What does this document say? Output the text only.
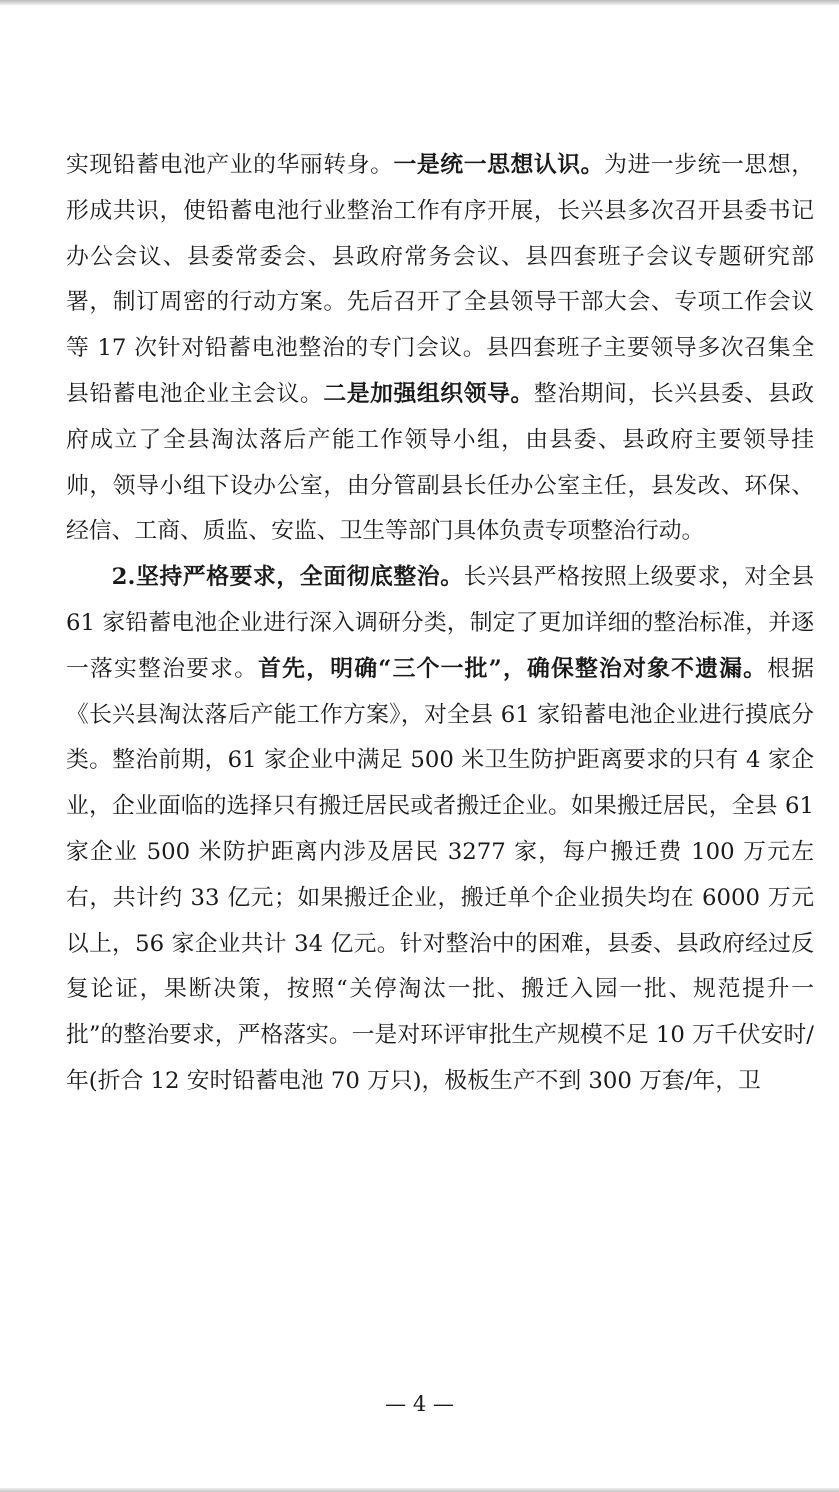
实现铅蓄电池产业的华丽转身。一是统一思想认识。为进一步统一思想，形成共识，使铅蓄电池行业整治工作有序开展，长兴县多次召开县委书记办公会议、县委常委会、县政府常务会议、县四套班子会议专题研究部署，制订周密的行动方案。先后召开了全县领导干部大会、专项工作会议等 17 次针对铅蓄电池整治的专门会议。县四套班子主要领导多次召集全县铅蓄电池企业主会议。二是加强组织领导。整治期间，长兴县委、县政府成立了全县淘汰落后产能工作领导小组，由县委、县政府主要领导挂帅，领导小组下设办公室，由分管副县长任办公室主任，县发改、环保、经信、工商、质监、安监、卫生等部门具体负责专项整治行动。

2.坚持严格要求，全面彻底整治。长兴县严格按照上级要求，对全县 61 家铅蓄电池企业进行深入调研分类，制定了更加详细的整治标准，并逐一落实整治要求。首先，明确“三个一批”，确保整治对象不遗漏。根据《长兴县淘汰落后产能工作方案》，对全县 61 家铅蓄电池企业进行摸底分类。整治前期，61 家企业中满足 500 米卫生防护距离要求的只有 4 家企业，企业面临的选择只有搬迁居民或者搬迁企业。如果搬迁居民，全县 61 家企业 500 米防护距离内涉及居民 3277 家，每户搬迁费 100 万元左右，共计约 33 亿元；如果搬迁企业，搬迁单个企业损失均在 6000 万元以上，56 家企业共计 34 亿元。针对整治中的困难，县委、县政府经过反复论证，果断决策，按照“关停淘汰一批、搬迁入园一批、规范提升一批”的整治要求，严格落实。一是对环评审批生产规模不足 10 万千伏安时/年(折合 12 安时铅蓄电池 70 万只)，极板生产不到 300 万套/年，卫

— 4 —
